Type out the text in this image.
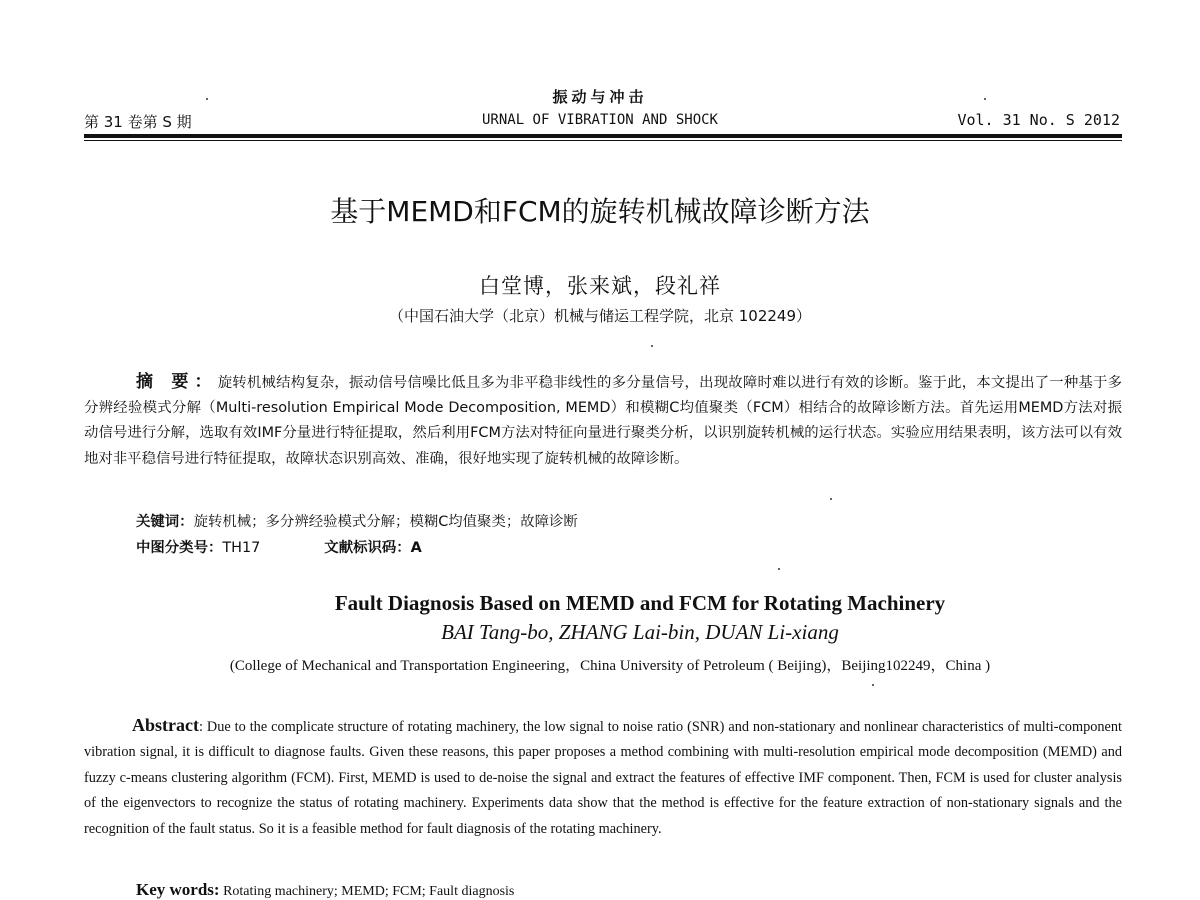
振动与冲击
URNAL OF VIBRATION AND SHOCK
第 31 卷第 S 期	Vol. 31 No. S 2012
基于MEMD和FCM的旋转机械故障诊断方法
白堂博，张来斌，段礼祥
（中国石油大学（北京）机械与储运工程学院，北京 102249）
摘 要：旋转机械结构复杂，振动信号信噪比低且多为非平稳非线性的多分量信号，出现故障时难以进行有效的诊断。鉴于此，本文提出了一种基于多分辨经验模式分解（Multi-resolution Empirical Mode Decomposition, MEMD）和模糊C均值聚类（FCM）相结合的故障诊断方法。首先运用MEMD方法对振动信号进行分解，选取有效IMF分量进行特征提取，然后利用FCM方法对特征向量进行聚类分析，以识别旋转机械的运行状态。实验应用结果表明，该方法可以有效地对非平稳信号进行特征提取，故障状态识别高效、准确，很好地实现了旋转机械的故障诊断。
关键词：旋转机械；多分辨经验模式分解；模糊C均值聚类；故障诊断
中图分类号：TH17	文献标识码：A
Fault Diagnosis Based on MEMD and FCM for Rotating Machinery
BAI Tang-bo, ZHANG Lai-bin, DUAN Li-xiang
(College of Mechanical and Transportation Engineering，China University of Petroleum ( Beijing)，Beijing102249，China )
Abstract: Due to the complicate structure of rotating machinery, the low signal to noise ratio (SNR) and non-stationary and nonlinear characteristics of multi-component vibration signal, it is difficult to diagnose faults. Given these reasons, this paper proposes a method combining with multi-resolution empirical mode decomposition (MEMD) and fuzzy c-means clustering algorithm (FCM). First, MEMD is used to de-noise the signal and extract the features of effective IMF component. Then, FCM is used for cluster analysis of the eigenvectors to recognize the status of rotating machinery. Experiments data show that the method is effective for the feature extraction of non-stationary signals and the recognition of the fault status. So it is a feasible method for fault diagnosis of the rotating machinery.
Key words: Rotating machinery; MEMD; FCM; Fault diagnosis
